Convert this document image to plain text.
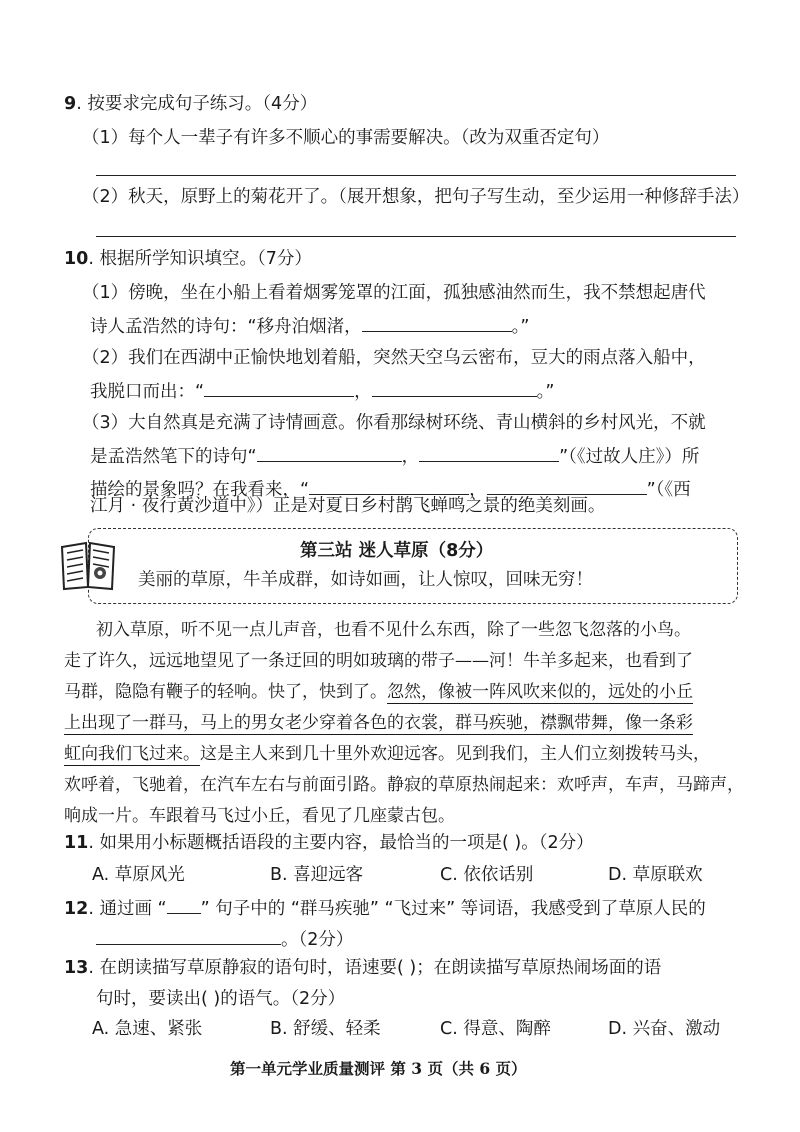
9. 按要求完成句子练习。（4分）
（1）每个人一辈子有许多不顺心的事需要解决。（改为双重否定句）
（2）秋天，原野上的菊花开了。（展开想象，把句子写生动，至少运用一种修辞手法）
10. 根据所学知识填空。（7分）
（1）傍晚，坐在小船上看着烟雾笼罩的江面，孤独感油然而生，我不禁想起唐代
诗人孟浩然的诗句：“移舟泊烟渚，	。”
（2）我们在西湖中正愉快地划着船，突然天空乌云密布，豆大的雨点落入船中，
我脱口而出：“	，	。”
（3）大自然真是充满了诗情画意。你看那绿树环绕、青山横斜的乡村风光，不就
是孟浩然笔下的诗句“	，	”（《过故人庄》）所
描绘的景象吗？在我看来，“	，	”（《西
江月 · 夜行黄沙道中》）正是对夏日乡村鹊飞蝉鸣之景的绝美刻画。
第三站 迷人草原（8分）
美丽的草原，牛羊成群，如诗如画，让人惊叹，回味无穷！
初入草原，听不见一点儿声音，也看不见什么东西，除了一些忽飞忽落的小鸟。
走了许久，远远地望见了一条迂回的明如玻璃的带子——河！牛羊多起来，也看到了
马群，隐隐有鞭子的轻响。快了，快到了。忽然，像被一阵风吹来似的，远处的小丘
上出现了一群马，马上的男女老少穿着各色的衣裳，群马疾驰，襟飘带舞，像一条彩
虹向我们飞过来。这是主人来到几十里外欢迎远客。见到我们，主人们立刻拨转马头，
欢呼着，飞驰着，在汽车左右与前面引路。静寂的草原热闹起来：欢呼声，车声，马蹄声，
响成一片。车跟着马飞过小丘，看见了几座蒙古包。
11. 如果用小标题概括语段的主要内容，最恰当的一项是( )。（2分）
A. 草原风光	B. 喜迎远客	C. 依依话别	D. 草原联欢
12. 通过画 “ ” 句子中的 “群马疾驰” “飞过来” 等词语，我感受到了草原人民的
。（2分）
13. 在朗读描写草原静寂的语句时，语速要( )；在朗读描写草原热闹场面的语
句时，要读出( )的语气。（2分）
A. 急速、紧张	B. 舒缓、轻柔	C. 得意、陶醉	D. 兴奋、激动
第一单元学业质量测评 第 3 页（共 6 页）
